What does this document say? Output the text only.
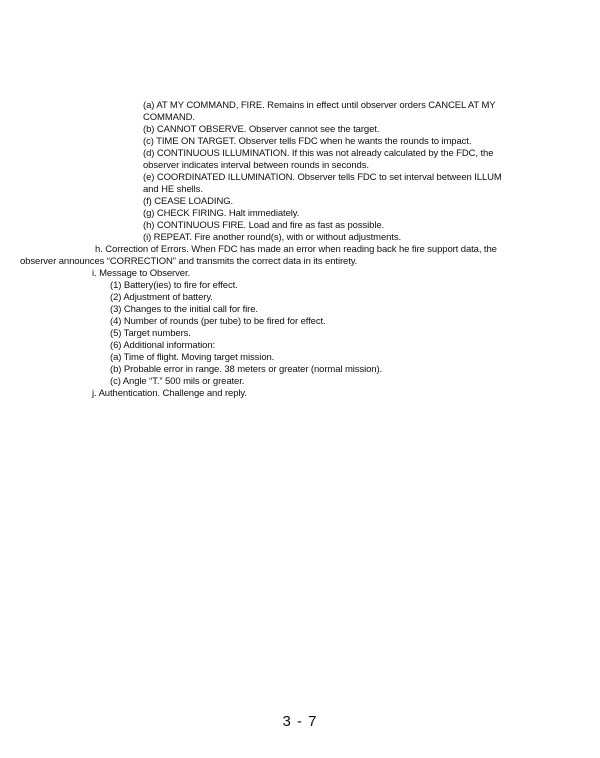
(a) AT MY COMMAND, FIRE. Remains in effect until observer orders CANCEL AT MY
COMMAND.
(b) CANNOT OBSERVE. Observer cannot see the target.
(c) TIME ON TARGET. Observer tells FDC when he wants the rounds to impact.
(d) CONTINUOUS ILLUMINATION. If this was not already calculated by the FDC, the
observer indicates interval between rounds in seconds.
(e) COORDINATED ILLUMINATION. Observer tells FDC to set interval between ILLUM
and HE shells.
(f) CEASE LOADING.
(g) CHECK FIRING. Halt immediately.
(h) CONTINUOUS FIRE. Load and fire as fast as possible.
(i) REPEAT. Fire another round(s), with or without adjustments.
h. Correction of Errors. When FDC has made an error when reading back he fire support data, the
observer announces “CORRECTION” and transmits the correct data in its entirety.
i. Message to Observer.
(1) Battery(ies) to fire for effect.
(2) Adjustment of battery.
(3) Changes to the initial call for fire.
(4) Number of rounds (per tube) to be fired for effect.
(5) Target numbers.
(6) Additional information:
(a) Time of flight. Moving target mission.
(b) Probable error in range. 38 meters or greater (normal mission).
(c) Angle “T.” 500 mils or greater.
j. Authentication. Challenge and reply.
3 - 7
